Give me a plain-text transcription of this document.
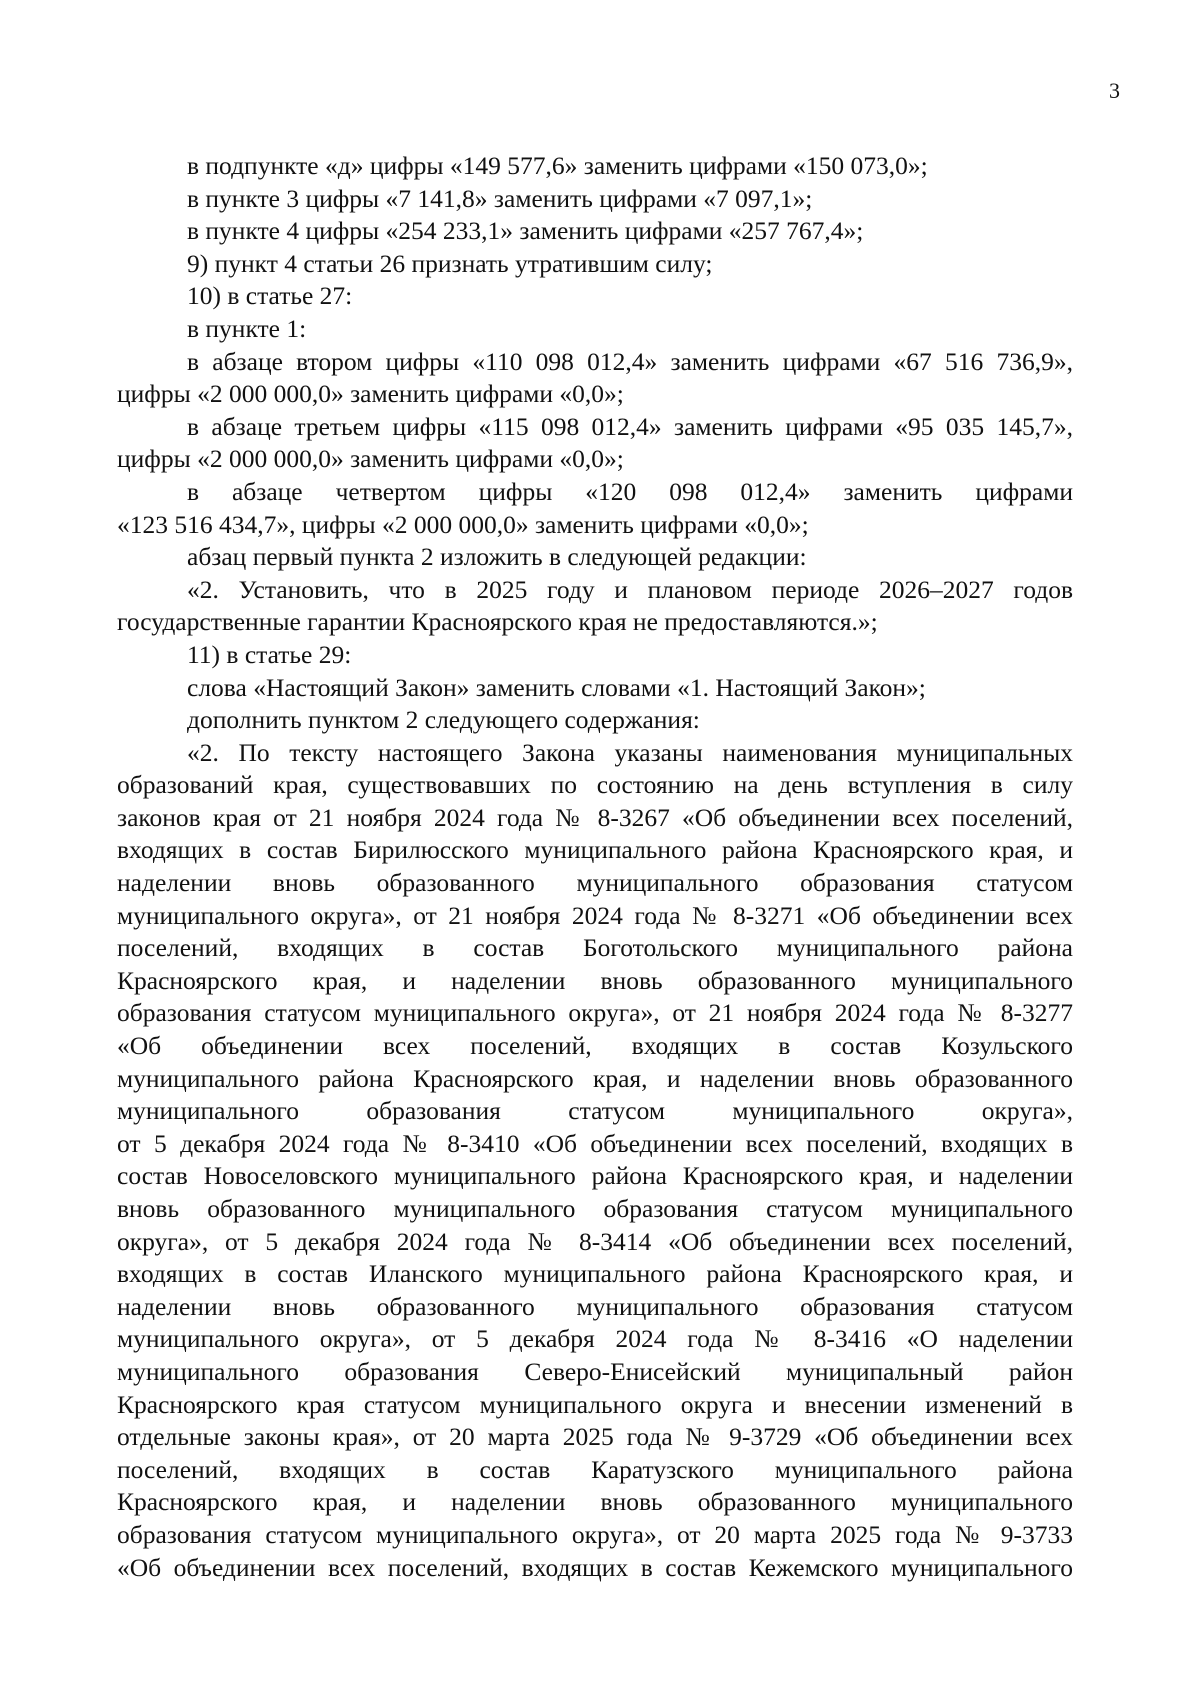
3
в подпункте «д» цифры «149 577,6» заменить цифрами «150 073,0»;
в пункте 3 цифры «7 141,8» заменить цифрами «7 097,1»;
в пункте 4 цифры «254 233,1» заменить цифрами «257 767,4»;
9) пункт 4 статьи 26 признать утратившим силу;
10) в статье 27:
в пункте 1:
в абзаце втором цифры «110 098 012,4» заменить цифрами «67 516 736,9»,
цифры «2 000 000,0» заменить цифрами «0,0»;
в абзаце третьем цифры «115 098 012,4» заменить цифрами «95 035 145,7»,
цифры «2 000 000,0» заменить цифрами «0,0»;
в абзаце четвертом цифры «120 098 012,4» заменить цифрами
«123 516 434,7», цифры «2 000 000,0» заменить цифрами «0,0»;
абзац первый пункта 2 изложить в следующей редакции:
«2. Установить, что в 2025 году и плановом периоде 2026–2027 годов
государственные гарантии Красноярского края не предоставляются.»;
11) в статье 29:
слова «Настоящий Закон» заменить словами «1. Настоящий Закон»;
дополнить пунктом 2 следующего содержания:
«2. По тексту настоящего Закона указаны наименования муниципальных
образований края, существовавших по состоянию на день вступления в силу
законов края от 21 ноября 2024 года № 8-3267 «Об объединении всех поселений,
входящих в состав Бирилюсского муниципального района Красноярского края, и
наделении вновь образованного муниципального образования статусом
муниципального округа», от 21 ноября 2024 года № 8-3271 «Об объединении всех
поселений, входящих в состав Боготольского муниципального района
Красноярского края, и наделении вновь образованного муниципального
образования статусом муниципального округа», от 21 ноября 2024 года № 8-3277
«Об объединении всех поселений, входящих в состав Козульского
муниципального района Красноярского края, и наделении вновь образованного
муниципального образования статусом муниципального округа»,
от 5 декабря 2024 года № 8-3410 «Об объединении всех поселений, входящих в
состав Новоселовского муниципального района Красноярского края, и наделении
вновь образованного муниципального образования статусом муниципального
округа», от 5 декабря 2024 года № 8-3414 «Об объединении всех поселений,
входящих в состав Иланского муниципального района Красноярского края, и
наделении вновь образованного муниципального образования статусом
муниципального округа», от 5 декабря 2024 года № 8-3416 «О наделении
муниципального образования Северо-Енисейский муниципальный район
Красноярского края статусом муниципального округа и внесении изменений в
отдельные законы края», от 20 марта 2025 года № 9-3729 «Об объединении всех
поселений, входящих в состав Каратузского муниципального района
Красноярского края, и наделении вновь образованного муниципального
образования статусом муниципального округа», от 20 марта 2025 года № 9-3733
«Об объединении всех поселений, входящих в состав Кежемского муниципального
